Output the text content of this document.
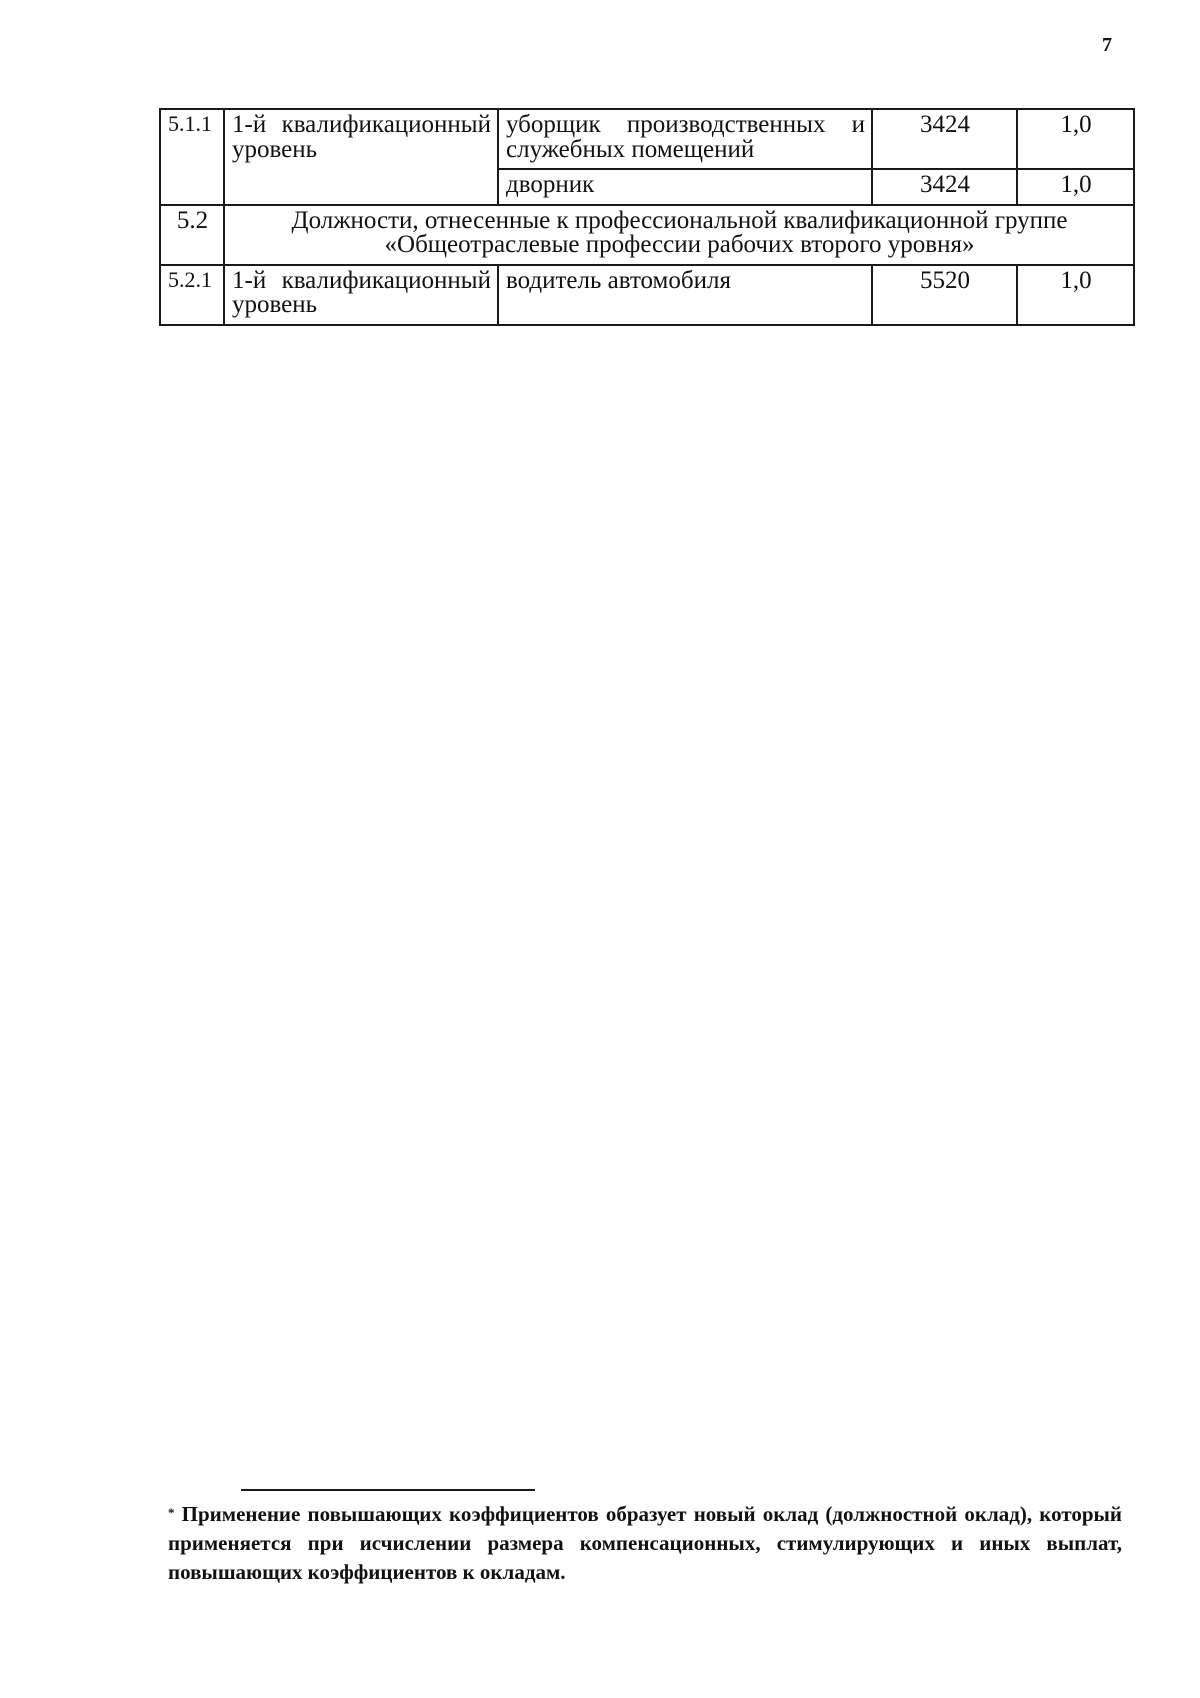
7
5.1.1	1-й квалификационный уровень	уборщик производственных и служебных помещений	3424	1,0
		дворник	3424	1,0
5.2	Должности, отнесенные к профессиональной квалификационной группе «Общеотраслевые профессии рабочих второго уровня»			
5.2.1	1-й квалификационный уровень	водитель автомобиля	5520	1,0
* Применение повышающих коэффициентов образует новый оклад (должностной оклад), который применяется при исчислении размера компенсационных, стимулирующих и иных выплат, повышающих коэффициентов к окладам.
